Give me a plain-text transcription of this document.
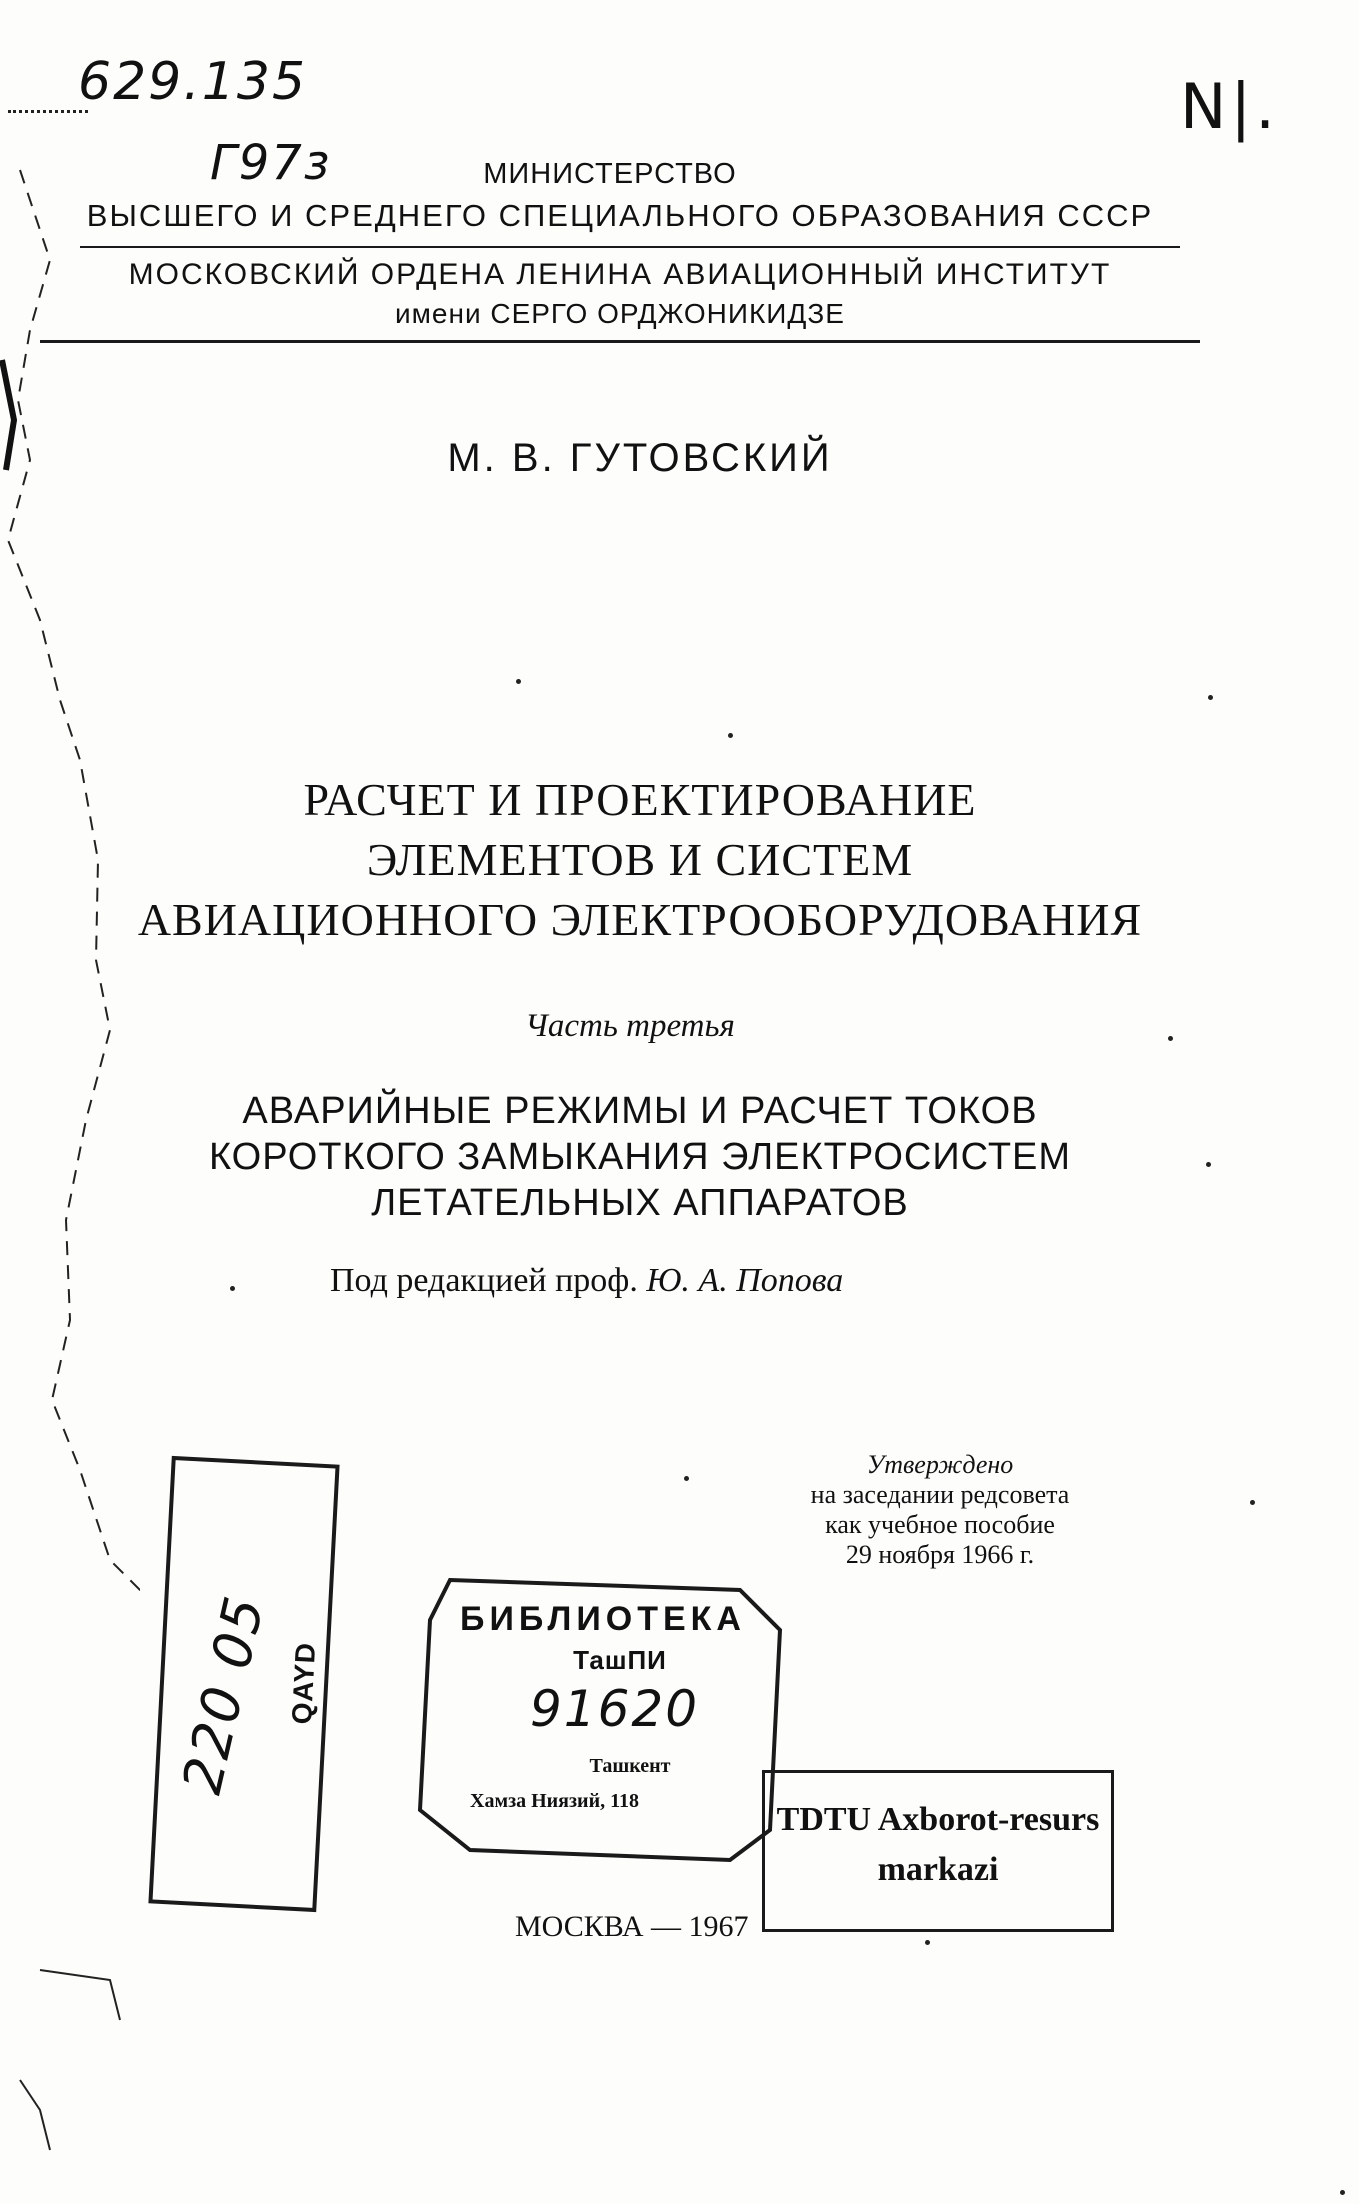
629.135
Г97з
N|.
МИНИСТЕРСТВО
ВЫСШЕГО И СРЕДНЕГО СПЕЦИАЛЬНОГО ОБРАЗОВАНИЯ СССР
МОСКОВСКИЙ ОРДЕНА ЛЕНИНА АВИАЦИОННЫЙ ИНСТИТУТ
имени СЕРГО ОРДЖОНИКИДЗЕ
М. В. ГУТОВСКИЙ
РАСЧЕТ И ПРОЕКТИРОВАНИЕ
ЭЛЕМЕНТОВ И СИСТЕМ
АВИАЦИОННОГО ЭЛЕКТРООБОРУДОВАНИЯ
Часть третья
АВАРИЙНЫЕ РЕЖИМЫ И РАСЧЕТ ТОКОВ
КОРОТКОГО ЗАМЫКАНИЯ ЭЛЕКТРОСИСТЕМ
ЛЕТАТЕЛЬНЫХ АППАРАТОВ
Под редакцией проф. Ю. А. Попова
Утверждено
на заседании редсовета
как учебное пособие
29 ноября 1966 г.
220 05 QAYD
БИБЛИОТЕКА
ТашПИ
91620
Ташкент
Хамза Ниязий, 118	TDTU Axborot-resurs
markazi
МОСКВА — 1967
